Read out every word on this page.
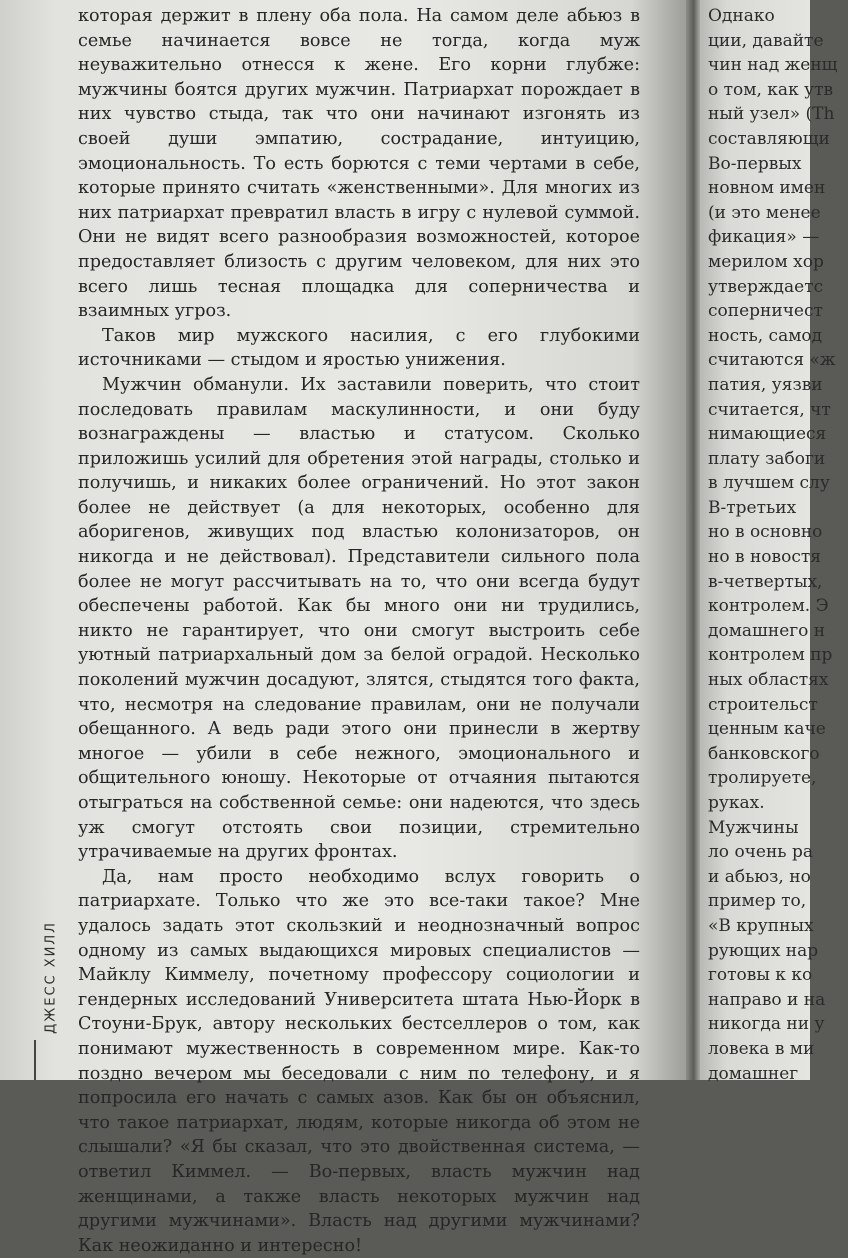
которая держит в плену оба пола. На самом деле абьюз в семье начинается вовсе не тогда, когда муж неуважительно отнесся к жене. Его корни глубже: мужчины боятся других мужчин. Патриархат порождает в них чувство стыда, так что они начинают изгонять из своей души эмпатию, сострадание, интуицию, эмоциональность. То есть борются с теми чертами в себе, которые принято считать «женственными». Для многих из них патриархат превратил власть в игру с нулевой суммой. Они не видят всего разнообразия возможностей, которое предоставляет близость с другим человеком, для них это всего лишь тесная площадка для соперничества и взаимных угроз.

Таков мир мужского насилия, с его глубокими источниками — стыдом и яростью унижения.

Мужчин обманули. Их заставили поверить, что стоит последовать правилам маскулинности, и они буду вознаграждены — властью и статусом. Сколько приложишь усилий для обретения этой награды, столько и получишь, и никаких более ограничений. Но этот закон более не действует (а для некоторых, особенно для аборигенов, живущих под властью колонизаторов, он никогда и не действовал). Представители сильного пола более не могут рассчитывать на то, что они всегда будут обеспечены работой. Как бы много они ни трудились, никто не гарантирует, что они смогут выстроить себе уютный патриархальный дом за белой оградой. Несколько поколений мужчин досадуют, злятся, стыдятся того факта, что, несмотря на следование правилам, они не получали обещанного. А ведь ради этого они принесли в жертву многое — убили в себе нежного, эмоционального и общительного юношу. Некоторые от отчаяния пытаются отыграться на собственной семье: они надеются, что здесь уж смогут отстоять свои позиции, стремительно утрачиваемые на других фронтах.

Да, нам просто необходимо вслух говорить о патриархате. Только что же это все-таки такое? Мне удалось задать этот скользкий и неоднозначный вопрос одному из самых выдающихся мировых специалистов — Майклу Киммелу, почетному профессору социологии и гендерных исследований Университета штата Нью-Йорк в Стоуни-Брук, автору нескольких бестселлеров о том, как понимают мужественность в современном мире. Как-то поздно вечером мы беседовали с ним по телефону, и я попросила его начать с самых азов. Как бы он объяснил, что такое патриархат, людям, которые никогда об этом не слышали? «Я бы сказал, что это двойственная система, — ответил Киммел. — Во-первых, власть мужчин над женщинами, а также власть некоторых мужчин над другими мужчинами». Власть над другими мужчинами? Как неожиданно и интересно!

ДЖЕСС ХИЛЛ
Однако
ции, давайте
чин над женщ
о том, как утв
ный узел» (Th
составляющи
Во-первых
новном имен
(и это менее
фикация» —
мерилом хор
утверждаетс
соперничест
ность, самод
считаются «ж
патия, уязви
считается, чт
нимающиеся
плату забоги
в лучшем слу
В-третьих
но в основно
но в новостя
в-четвертых,
контролем. Э
домашнего н
контролем пр
ных областях
строительст
ценным каче
банковского
тролируете,
руках.
Мужчины
ло очень ра
и абьюз, но
пример то,
«В крупных
рующих нар
готовы к ко
направо и на
никогда ни у
ловека в ми
домашнег
